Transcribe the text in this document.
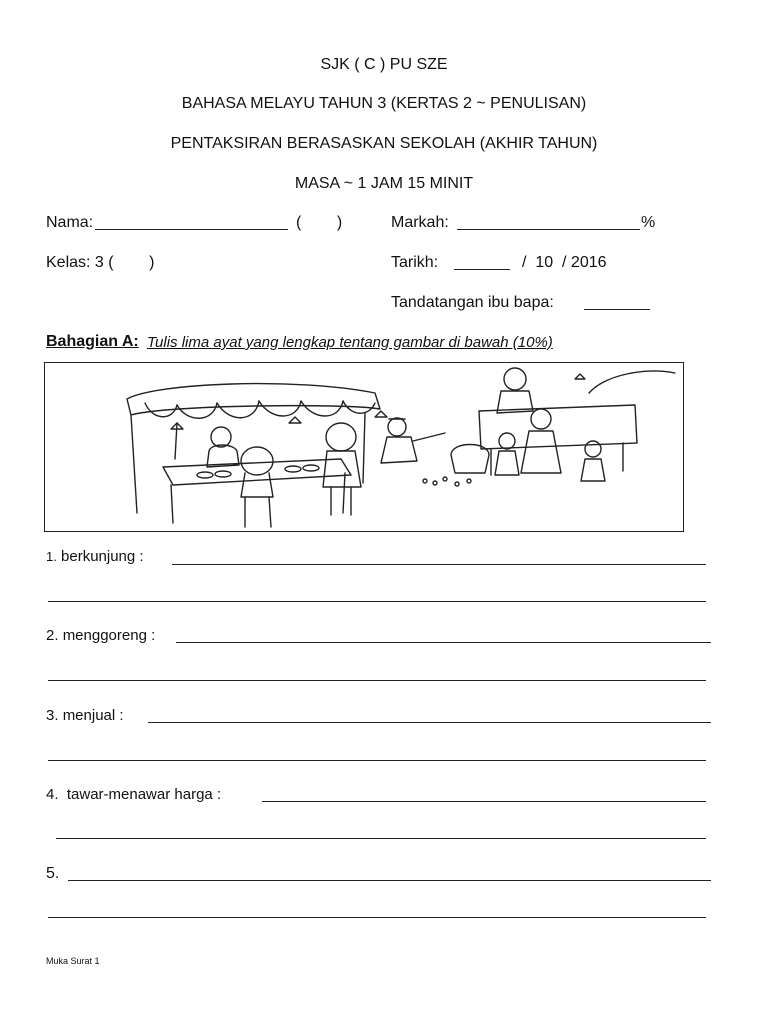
SJK ( C ) PU SZE
BAHASA MELAYU TAHUN 3 (KERTAS 2 ~ PENULISAN)
PENTAKSIRAN BERASASKAN SEKOLAH (AKHIR TAHUN)
MASA ~ 1 JAM 15 MINIT
Nama:	(        )	Markah:	%
Kelas: 3 (        )	Tarikh:	/  10  / 2016
Tandatangan ibu bapa:
Bahagian A: Tulis lima ayat yang lengkap tentang gambar di bawah (10%)
1. berkunjung :
2. menggoreng :
3. menjual :
4. tawar-menawar harga :
5.
Muka Surat 1
